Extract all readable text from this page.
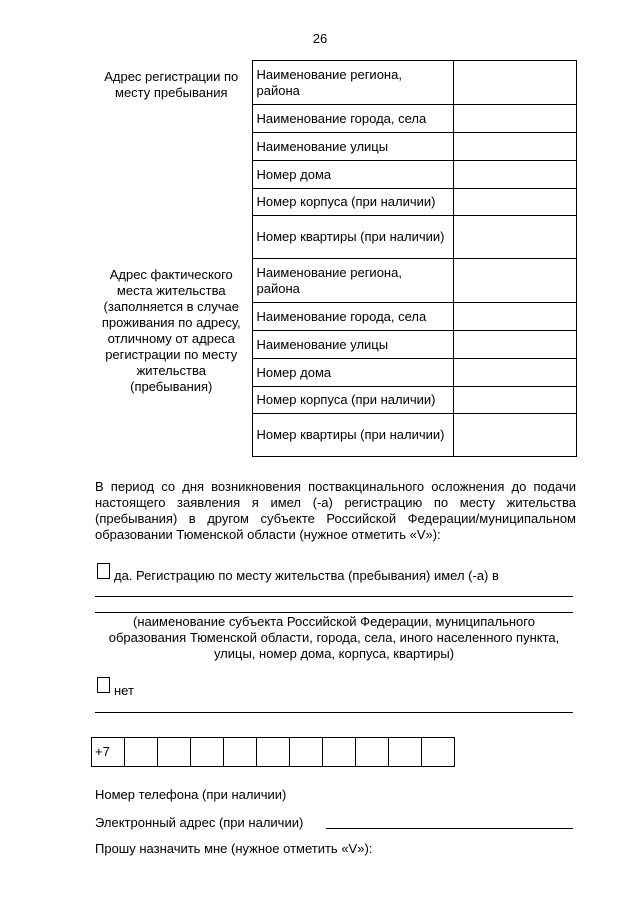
26
Адрес регистрации по месту пребывания	Наименование региона, района	
	Наименование города, села	
	Наименование улицы	
	Номер дома	
	Номер корпуса (при наличии)	
	Номер квартиры (при наличии)	
Адрес фактического места жительства (заполняется в случае проживания по адресу, отличному от адреса регистрации по месту жительства (пребывания)	Наименование региона, района	
	Наименование города, села	
	Наименование улицы	
	Номер дома	
	Номер корпуса (при наличии)	
	Номер квартиры (при наличии)	
В период со дня возникновения поствакцинального осложнения до подачи настоящего заявления я имел (-а) регистрацию по месту жительства (пребывания) в другом субъекте Российской Федерации/муниципальном образовании Тюменской области (нужное отметить «V»):
да. Регистрацию по месту жительства (пребывания) имел (-а) в
(наименование субъекта Российской Федерации, муниципального образования Тюменской области, города, села, иного населенного пункта, улицы, номер дома, корпуса, квартиры)
нет
+7
Номер телефона (при наличии)
Электронный адрес (при наличии)
Прошу назначить мне (нужное отметить «V»):
